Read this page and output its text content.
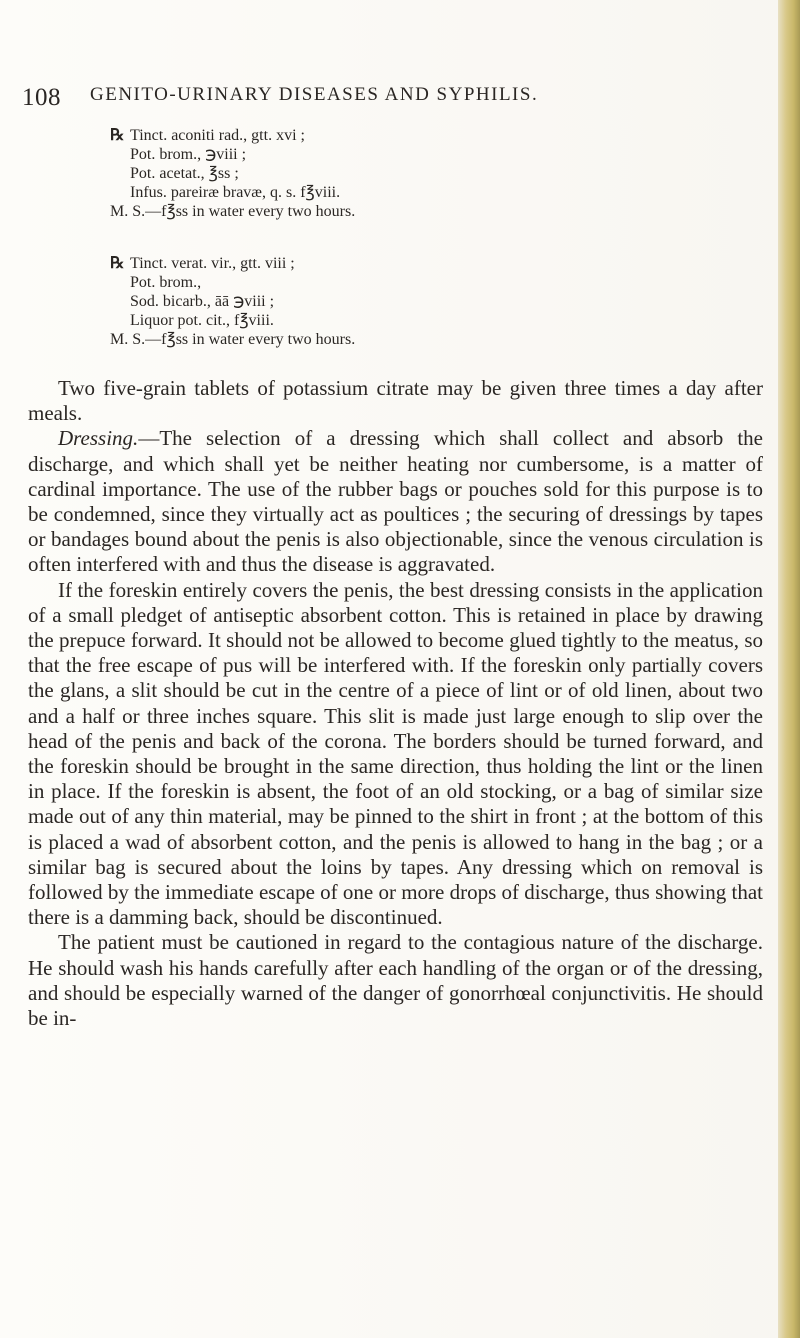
108 GENITO-URINARY DISEASES AND SYPHILIS.
℞ Tinct. aconiti rad., gtt. xvi ;
Pot. brom., ℈viii ;
Pot. acetat., ℥ss ;
Infus. pareiræ bravæ, q. s. f℥viii.
M. S.—f℥ss in water every two hours.
℞ Tinct. verat. vir., gtt. viii ;
Pot. brom.,
Sod. bicarb., āā ℈viii ;
Liquor pot. cit., f℥viii.
M. S.—f℥ss in water every two hours.

Two five-grain tablets of potassium citrate may be given three times a day after meals.

Dressing.—The selection of a dressing which shall collect and absorb the discharge, and which shall yet be neither heating nor cumbersome, is a matter of cardinal importance. The use of the rubber bags or pouches sold for this purpose is to be condemned, since they virtually act as poultices ; the securing of dressings by tapes or bandages bound about the penis is also objectionable, since the venous circulation is often interfered with and thus the disease is aggravated.

If the foreskin entirely covers the penis, the best dressing consists in the application of a small pledget of antiseptic absorbent cotton. This is retained in place by drawing the prepuce forward. It should not be allowed to become glued tightly to the meatus, so that the free escape of pus will be interfered with. If the foreskin only partially covers the glans, a slit should be cut in the centre of a piece of lint or of old linen, about two and a half or three inches square. This slit is made just large enough to slip over the head of the penis and back of the corona. The borders should be turned forward, and the foreskin should be brought in the same direction, thus holding the lint or the linen in place. If the foreskin is absent, the foot of an old stocking, or a bag of similar size made out of any thin material, may be pinned to the shirt in front ; at the bottom of this is placed a wad of absorbent cotton, and the penis is allowed to hang in the bag ; or a similar bag is secured about the loins by tapes. Any dressing which on removal is followed by the immediate escape of one or more drops of discharge, thus showing that there is a damming back, should be discontinued.

The patient must be cautioned in regard to the contagious nature of the discharge. He should wash his hands carefully after each handling of the organ or of the dressing, and should be especially warned of the danger of gonorrhœal conjunctivitis. He should be in-
